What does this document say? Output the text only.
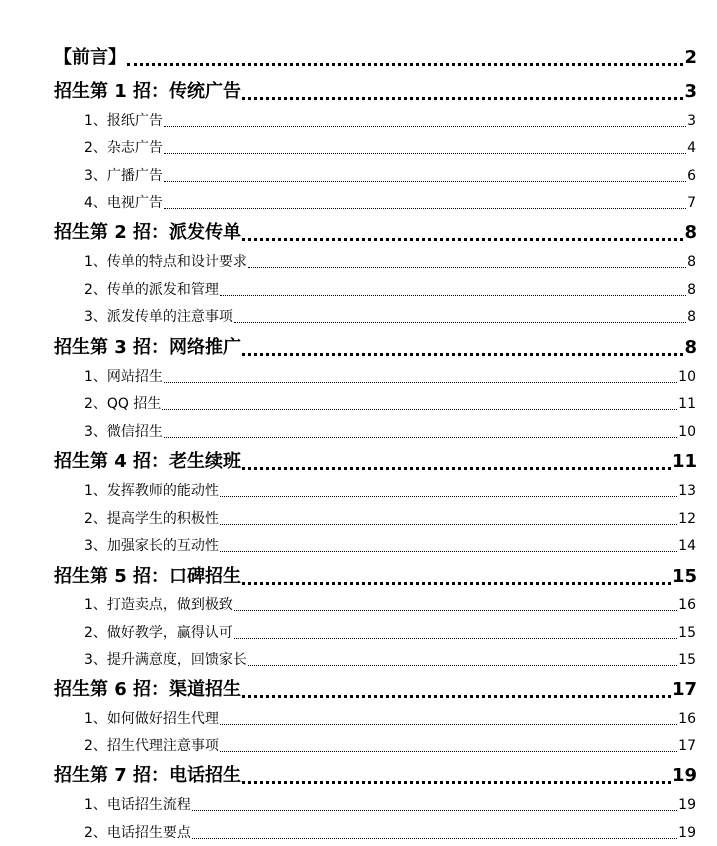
【前言】	2
招生第 1 招：传统广告	3
1、报纸广告	3
2、杂志广告	4
3、广播广告	6
4、电视广告	7
招生第 2 招：派发传单	8
1、传单的特点和设计要求	8
2、传单的派发和管理	8
3、派发传单的注意事项	8
招生第 3 招：网络推广	8
1、网站招生	10
2、QQ 招生	11
3、微信招生	10
招生第 4 招：老生续班	11
1、发挥教师的能动性	13
2、提高学生的积极性	12
3、加强家长的互动性	14
招生第 5 招：口碑招生	15
1、打造卖点，做到极致	16
2、做好教学，赢得认可	15
3、提升满意度，回馈家长	15
招生第 6 招：渠道招生	17
1、如何做好招生代理	16
2、招生代理注意事项	17
招生第 7 招：电话招生	19
1、电话招生流程	19
2、电话招生要点	19
